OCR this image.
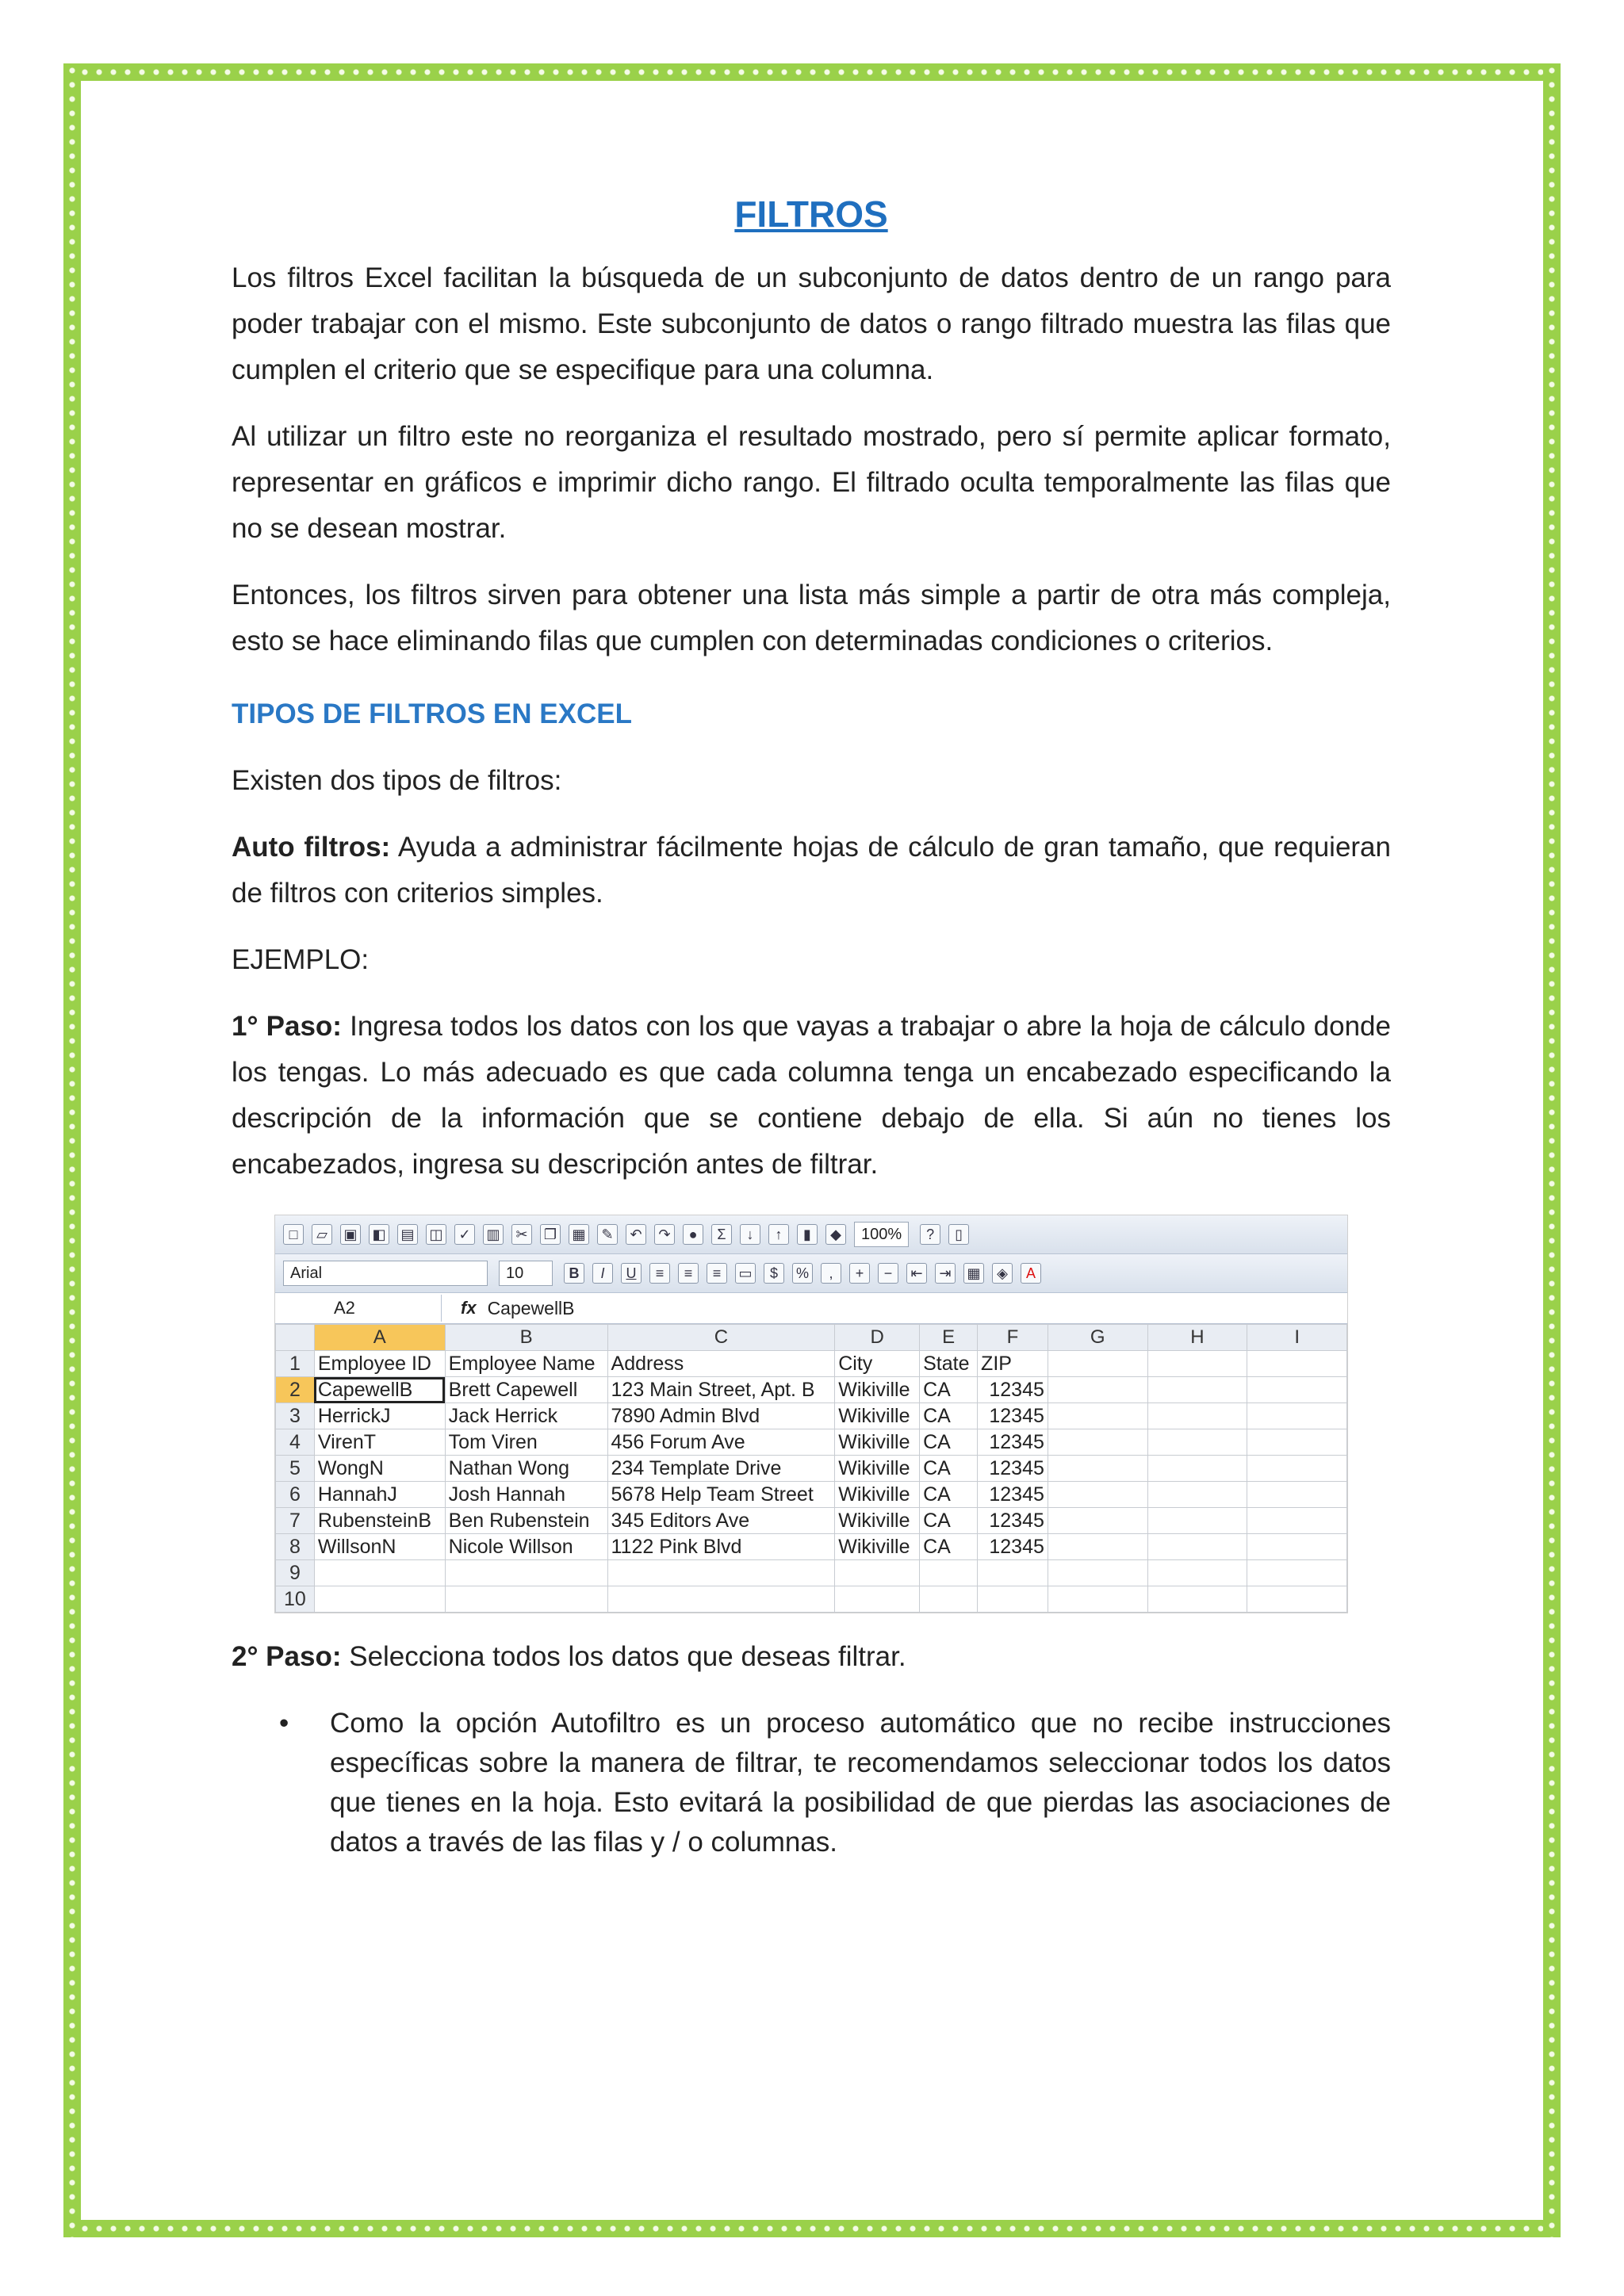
FILTROS

Los filtros Excel facilitan la búsqueda de un subconjunto de datos dentro de un rango para poder trabajar con el mismo. Este subconjunto de datos o rango filtrado muestra las filas que cumplen el criterio que se especifique para una columna.

Al utilizar un filtro este no reorganiza el resultado mostrado, pero sí permite aplicar formato, representar en gráficos e imprimir dicho rango. El filtrado oculta temporalmente las filas que no se desean mostrar.

Entonces, los filtros sirven para obtener una lista más simple a partir de otra más compleja, esto se hace eliminando filas que cumplen con determinadas condiciones o criterios.

TIPOS DE FILTROS EN EXCEL

Existen dos tipos de filtros:

Auto filtros: Ayuda a administrar fácilmente hojas de cálculo de gran tamaño, que requieran de filtros con criterios simples.

EJEMPLO:

1° Paso: Ingresa todos los datos con los que vayas a trabajar o abre la hoja de cálculo donde los tengas. Lo más adecuado es que cada columna tenga un encabezado especificando la descripción de la información que se contiene debajo de ella. Si aún no tienes los encabezados, ingresa su descripción antes de filtrar.

□	▱	▣ ◧ ▤ ◫	✓	▥	✂	❐ ▦	✎	↶	↷	●	Σ	↓	↑	▮	◆	100%	?	▯
Arial	10	B	I	U	≡	≡	≡	▭	$	%	,	+	−	⇤	⇥	▦	◈	A
A2	fx CapewellB
	A	B	C	D	E	F	G	H	I
1	Employee ID	Employee Name	Address	City	State	ZIP			
2	CapewellB	Brett Capewell	123 Main Street, Apt. B	Wikiville	CA	12345			
3	HerrickJ	Jack Herrick	7890 Admin Blvd	Wikiville	CA	12345			
4	VirenT	Tom Viren	456 Forum Ave	Wikiville	CA	12345			
5	WongN	Nathan Wong	234 Template Drive	Wikiville	CA	12345			
6	HannahJ	Josh Hannah	5678 Help Team Street	Wikiville	CA	12345			
7	RubensteinB	Ben Rubenstein	345 Editors Ave	Wikiville	CA	12345			
8	WillsonN	Nicole Willson	1122 Pink Blvd	Wikiville	CA	12345			
9									
10									

2° Paso: Selecciona todos los datos que deseas filtrar.

• Como la opción Autofiltro es un proceso automático que no recibe instrucciones específicas sobre la manera de filtrar, te recomendamos seleccionar todos los datos que tienes en la hoja. Esto evitará la posibilidad de que pierdas las asociaciones de datos a través de las filas y / o columnas.
